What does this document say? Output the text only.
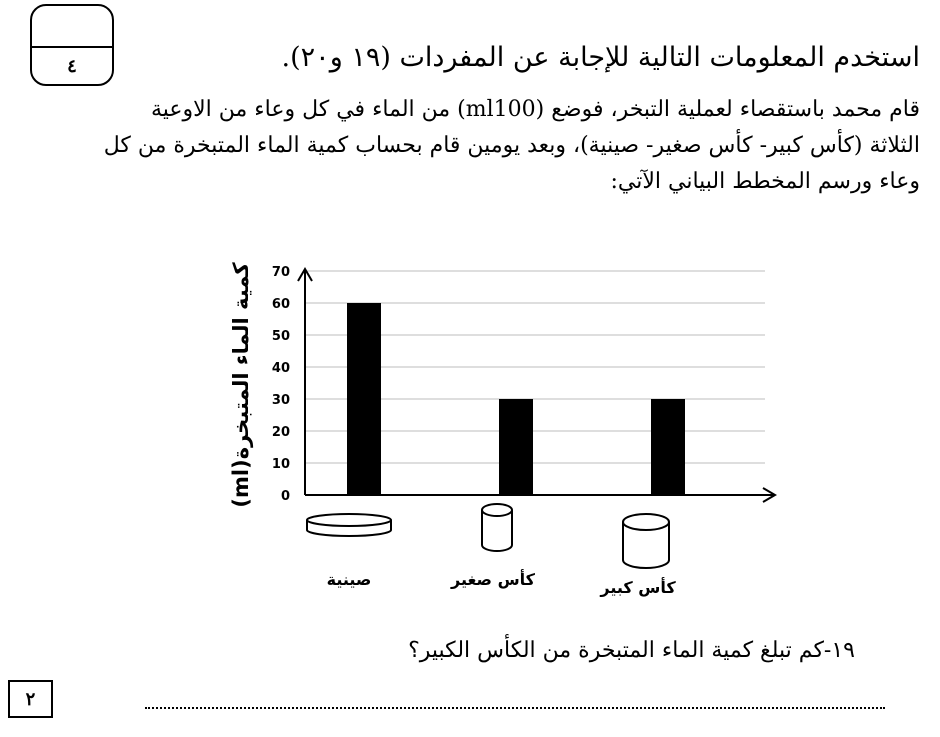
٤	استخدم المعلومات التالية للإجابة عن المفردات (١٩ و٢٠).
قام محمد باستقصاء لعملية التبخر، فوضع (ml100) من الماء في كل وعاء من الاوعية
الثلاثة (كأس كبير- كأس صغير- صينية)، وبعد يومين قام بحساب كمية الماء المتبخرة من كل
وعاء ورسم المخطط البياني الآتي:
0
10
20
30
40
50
60
70
كمية الماء المتبخرة(ml)
صينية	كأس صغير	كأس كبير
١٩-كم تبلغ كمية الماء المتبخرة من الكأس الكبير؟
٢
